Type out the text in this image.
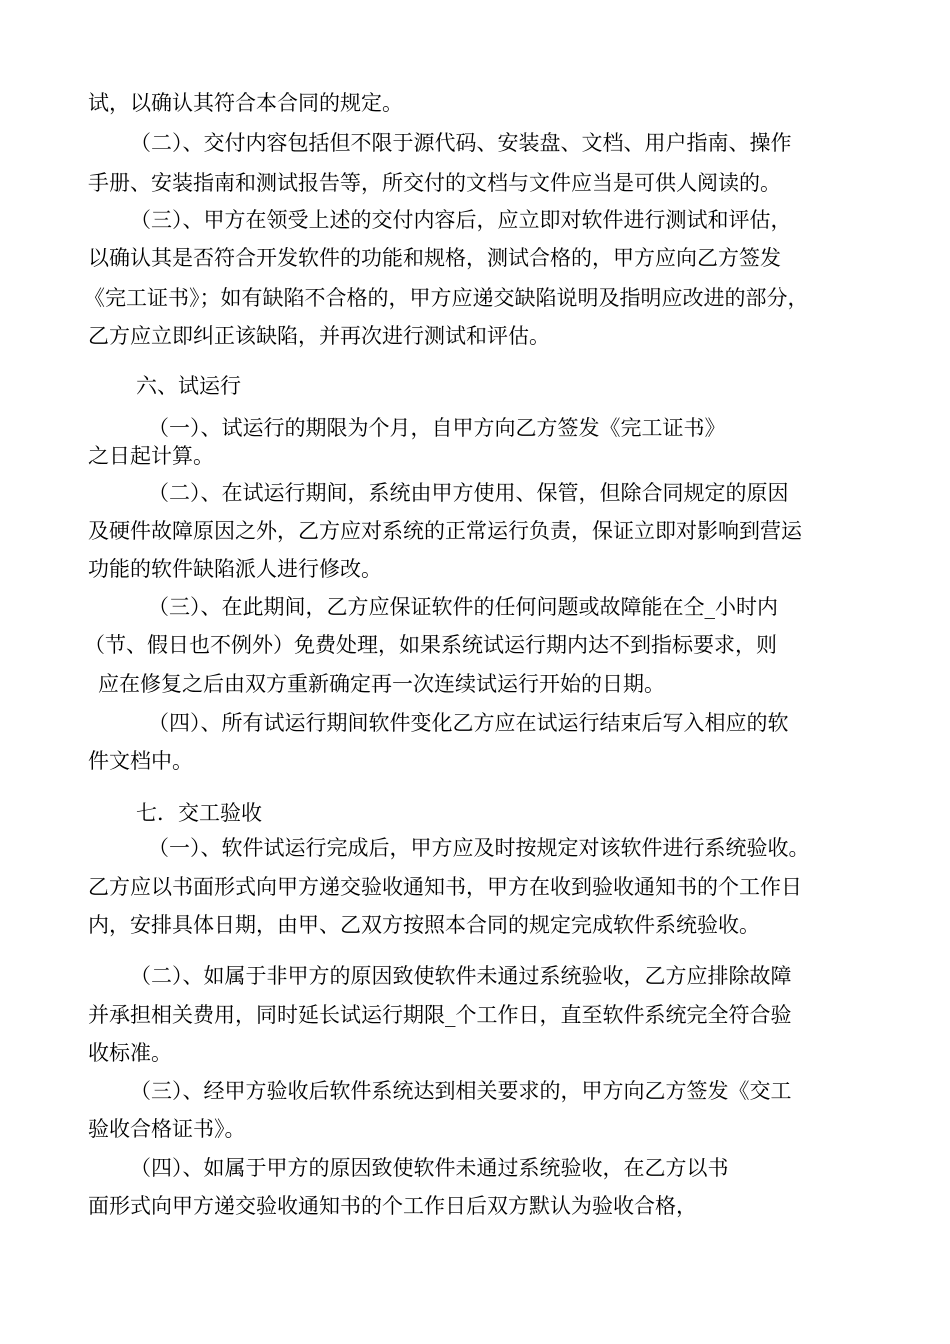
试，以确认其符合本合同的规定。
（二）、交付内容包括但不限于源代码、安装盘、文档、用户指南、操作
手册、安装指南和测试报告等，所交付的文档与文件应当是可供人阅读的。
（三）、甲方在领受上述的交付内容后，应立即对软件进行测试和评估，
以确认其是否符合开发软件的功能和规格，测试合格的，甲方应向乙方签发
《完工证书》；如有缺陷不合格的，甲方应递交缺陷说明及指明应改进的部分，
乙方应立即纠正该缺陷，并再次进行测试和评估。
六、试运行
（一）、试运行的期限为个月，自甲方向乙方签发《完工证书》
之日起计算。
（二）、在试运行期间，系统由甲方使用、保管，但除合同规定的原因
及硬件故障原因之外，乙方应对系统的正常运行负责，保证立即对影响到营运
功能的软件缺陷派人进行修改。
（三）、在此期间，乙方应保证软件的任何问题或故障能在仝_小时内
（节、假日也不例外）免费处理，如果系统试运行期内达不到指标要求，则
应在修复之后由双方重新确定再一次连续试运行开始的日期。
（四）、所有试运行期间软件变化乙方应在试运行结束后写入相应的软
件文档中。
七．交工验收
（一）、软件试运行完成后，甲方应及时按规定对该软件进行系统验收。
乙方应以书面形式向甲方递交验收通知书，甲方在收到验收通知书的个工作日
内，安排具体日期，由甲、乙双方按照本合同的规定完成软件系统验收。
（二）、如属于非甲方的原因致使软件未通过系统验收，乙方应排除故障
并承担相关费用，同时延长试运行期限_个工作日，直至软件系统完全符合验
收标准。
（三）、经甲方验收后软件系统达到相关要求的，甲方向乙方签发《交工
验收合格证书》。
（四）、如属于甲方的原因致使软件未通过系统验收，在乙方以书
面形式向甲方递交验收通知书的个工作日后双方默认为验收合格，
